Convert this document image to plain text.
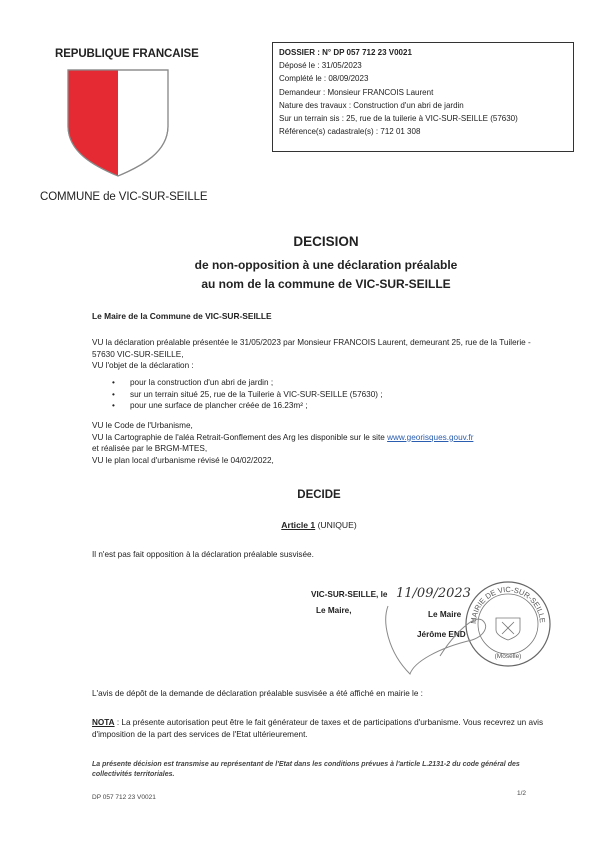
REPUBLIQUE FRANCAISE
COMMUNE de VIC-SUR-SEILLE
DOSSIER : N° DP 057 712 23 V0021
Déposé le : 31/05/2023
Complété le : 08/09/2023
Demandeur : Monsieur FRANCOIS Laurent
Nature des travaux : Construction d'un abri de jardin
Sur un terrain sis : 25, rue de la tuilerie à VIC-SUR-SEILLE (57630)
Référence(s) cadastrale(s) : 712 01 308
DECISION
de non-opposition à une déclaration préalable
au nom de la commune de VIC-SUR-SEILLE
Le Maire de la Commune de VIC-SUR-SEILLE
VU la déclaration préalable présentée le 31/05/2023 par Monsieur FRANCOIS Laurent, demeurant 25, rue de la Tuilerie - 57630 VIC-SUR-SEILLE,
VU l'objet de la déclaration :
• pour la construction d'un abri de jardin ;
• sur un terrain situé 25, rue de la Tuilerie à VIC-SUR-SEILLE (57630) ;
• pour une surface de plancher créée de 16.23m² ;
VU le Code de l'Urbanisme,
VU la Cartographie de l'aléa Retrait-Gonflement des Arg les disponible sur le site www.georisques.gouv.fr
et réalisée par le BRGM-MTES,
VU le plan local d'urbanisme révisé le 04/02/2022,
DECIDE
Article 1 (UNIQUE)
Il n'est pas fait opposition à la déclaration préalable susvisée.
VIC-SUR-SEILLE, le 11/09/2023
Le Maire,	Le Maire
Jérôme END
MAIRIE DE VIC-SUR-SEILLE
(Moselle)
L'avis de dépôt de la demande de déclaration préalable susvisée a été affiché en mairie le :
NOTA : La présente autorisation peut être le fait générateur de taxes et de participations d'urbanisme. Vous recevrez un avis d'imposition de la part des services de l'Etat ultérieurement.
La présente décision est transmise au représentant de l'Etat dans les conditions prévues à l'article L.2131-2 du code général des collectivités territoriales.
DP 057 712 23 V0021
1/2
